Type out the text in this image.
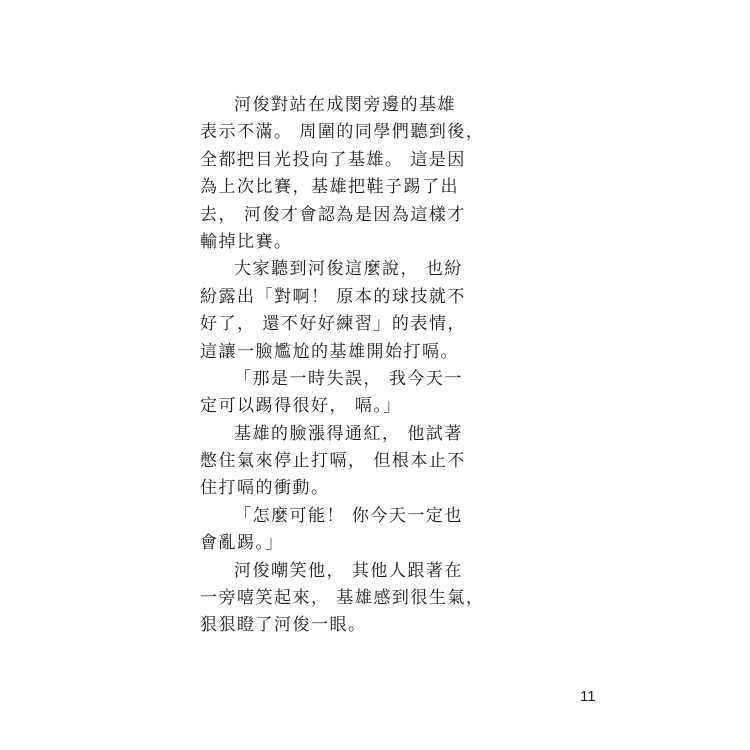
河俊對站在成閔旁邊的基雄
表示不滿。 周圍的同學們聽到後，
全都把目光投向了基雄。 這是因
為上次比賽，基雄把鞋子踢了出
去， 河俊才會認為是因為這樣才
輸掉比賽。
大家聽到河俊這麼說， 也紛
紛露出「對啊！ 原本的球技就不
好了， 還不好好練習」的表情，
這讓一臉尷尬的基雄開始打嗝。
「那是一時失誤， 我今天一
定可以踢得很好， 嗝。」
基雄的臉漲得通紅， 他試著
憋住氣來停止打嗝， 但根本止不
住打嗝的衝動。
「怎麼可能！ 你今天一定也
會亂踢。」
河俊嘲笑他， 其他人跟著在
一旁嘻笑起來， 基雄感到很生氣，
狠狠瞪了河俊一眼。
11
